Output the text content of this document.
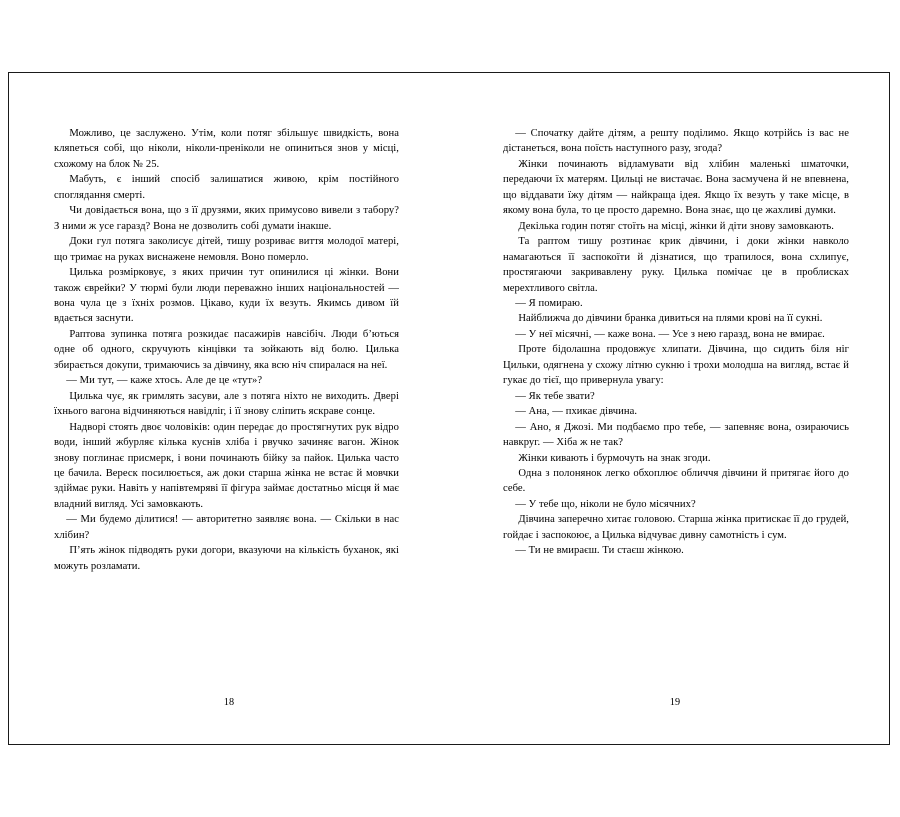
Можливо, це заслужено. Утім, коли потяг збільшує швидкість, вона кляneться собі, що ніколи, ніколи-преніколи не опиниться знов у місці, схожому на блок № 25.

Мабуть, є інший спосіб залишатися живою, крім постійного споглядання смерті.

Чи довідається вона, що з її друзями, яких примусово вивели з табору? З ними ж усе гаразд? Вона не дозволить собі думати інакше.

Доки гул потяга заколисує дітей, тишу розриває виття молодої матері, що тримає на руках виснажене немовля. Воно померло.

Цилька розмірковує, з яких причин тут опинилися ці жінки. Вони також єврейки? У тюрмі були люди переважно інших національностей — вона чула це з їхніх розмов. Цікаво, куди їх везуть. Якимсь дивом їй вдається заснути.

Раптова зупинка потяга розкидає пасажирів навсібіч. Люди б’ються одне об одного, скручують кінцівки та зойкають від болю. Цилька збирається докупи, тримаючись за дівчину, яка всю ніч спиралася на неї.

— Ми тут, — каже хтось. Але де це «тут»?

Цилька чує, як гримлять засуви, але з потяга ніхто не виходить. Двері їхнього вагона відчиняються навідліг, і її знову сліпить яскраве сонце.

Надворі стоять двоє чоловіків: один передає до простягнутих рук відро води, інший жбурляє кілька куснів хліба і рвучко зачиняє вагон. Жінок знову поглинає присмерк, і вони починають бійку за пайок. Цилька часто це бачила. Вереск посилюється, аж доки старша жінка не встає й мовчки здіймає руки. Навіть у напівтемряві її фігура займає достатньо місця й має владний вигляд. Усі замовкають.

— Ми будемо ділитися! — авторитетно заявляє вона. — Скільки в нас хлібин?

П’ять жінок підводять руки догори, вказуючи на кількість буханок, які можуть розламати.

18

— Спочатку дайте дітям, а решту поділимо. Якщо котрійсь із вас не дістанеться, вона поїсть наступного разу, згода?

Жінки починають відламувати від хлібин маленькі шматочки, передаючи їх матерям. Цильці не вистачає. Вона засмучена й не впевнена, що віддавати їжу дітям — найкраща ідея. Якщо їх везуть у таке місце, в якому вона була, то це просто даремно. Вона знає, що це жахливі думки.

Декілька годин потяг стоїть на місці, жінки й діти знову замовкають.

Та раптом тишу розтинає крик дівчини, і доки жінки навколо намагаються її заспокоїти й дізнатися, що трапилося, вона схлипує, простягаючи закривавлену руку. Цилька помічає це в проблисках мерехтливого світла.

— Я помираю.

Найближча до дівчини бранка дивиться на плями крові на її сукні.

— У неї місячні, — каже вона. — Усе з нею гаразд, вона не вмирає.

Проте бідолашна продовжує хлипати. Дівчина, що сидить біля ніг Цильки, одягнена у схожу літню сукню і трохи молодша на вигляд, встає й гукає до тієї, що привернула увагу:

— Як тебе звати?

— Ана, — пхикає дівчина.

— Ано, я Джозі. Ми подбаємо про тебе, — запевняє вона, озираючись навкруг. — Хіба ж не так?

Жінки кивають і бурмочуть на знак згоди.

Одна з полонянок легко обхоплює обличчя дівчини й притягає його до себе.

— У тебе що, ніколи не було місячних?

Дівчина заперечно хитає головою. Старша жінка притискає її до грудей, гойдає і заспокоює, а Цилька відчуває дивну самотність і сум.

— Ти не вмираєш. Ти стаєш жінкою.

19
